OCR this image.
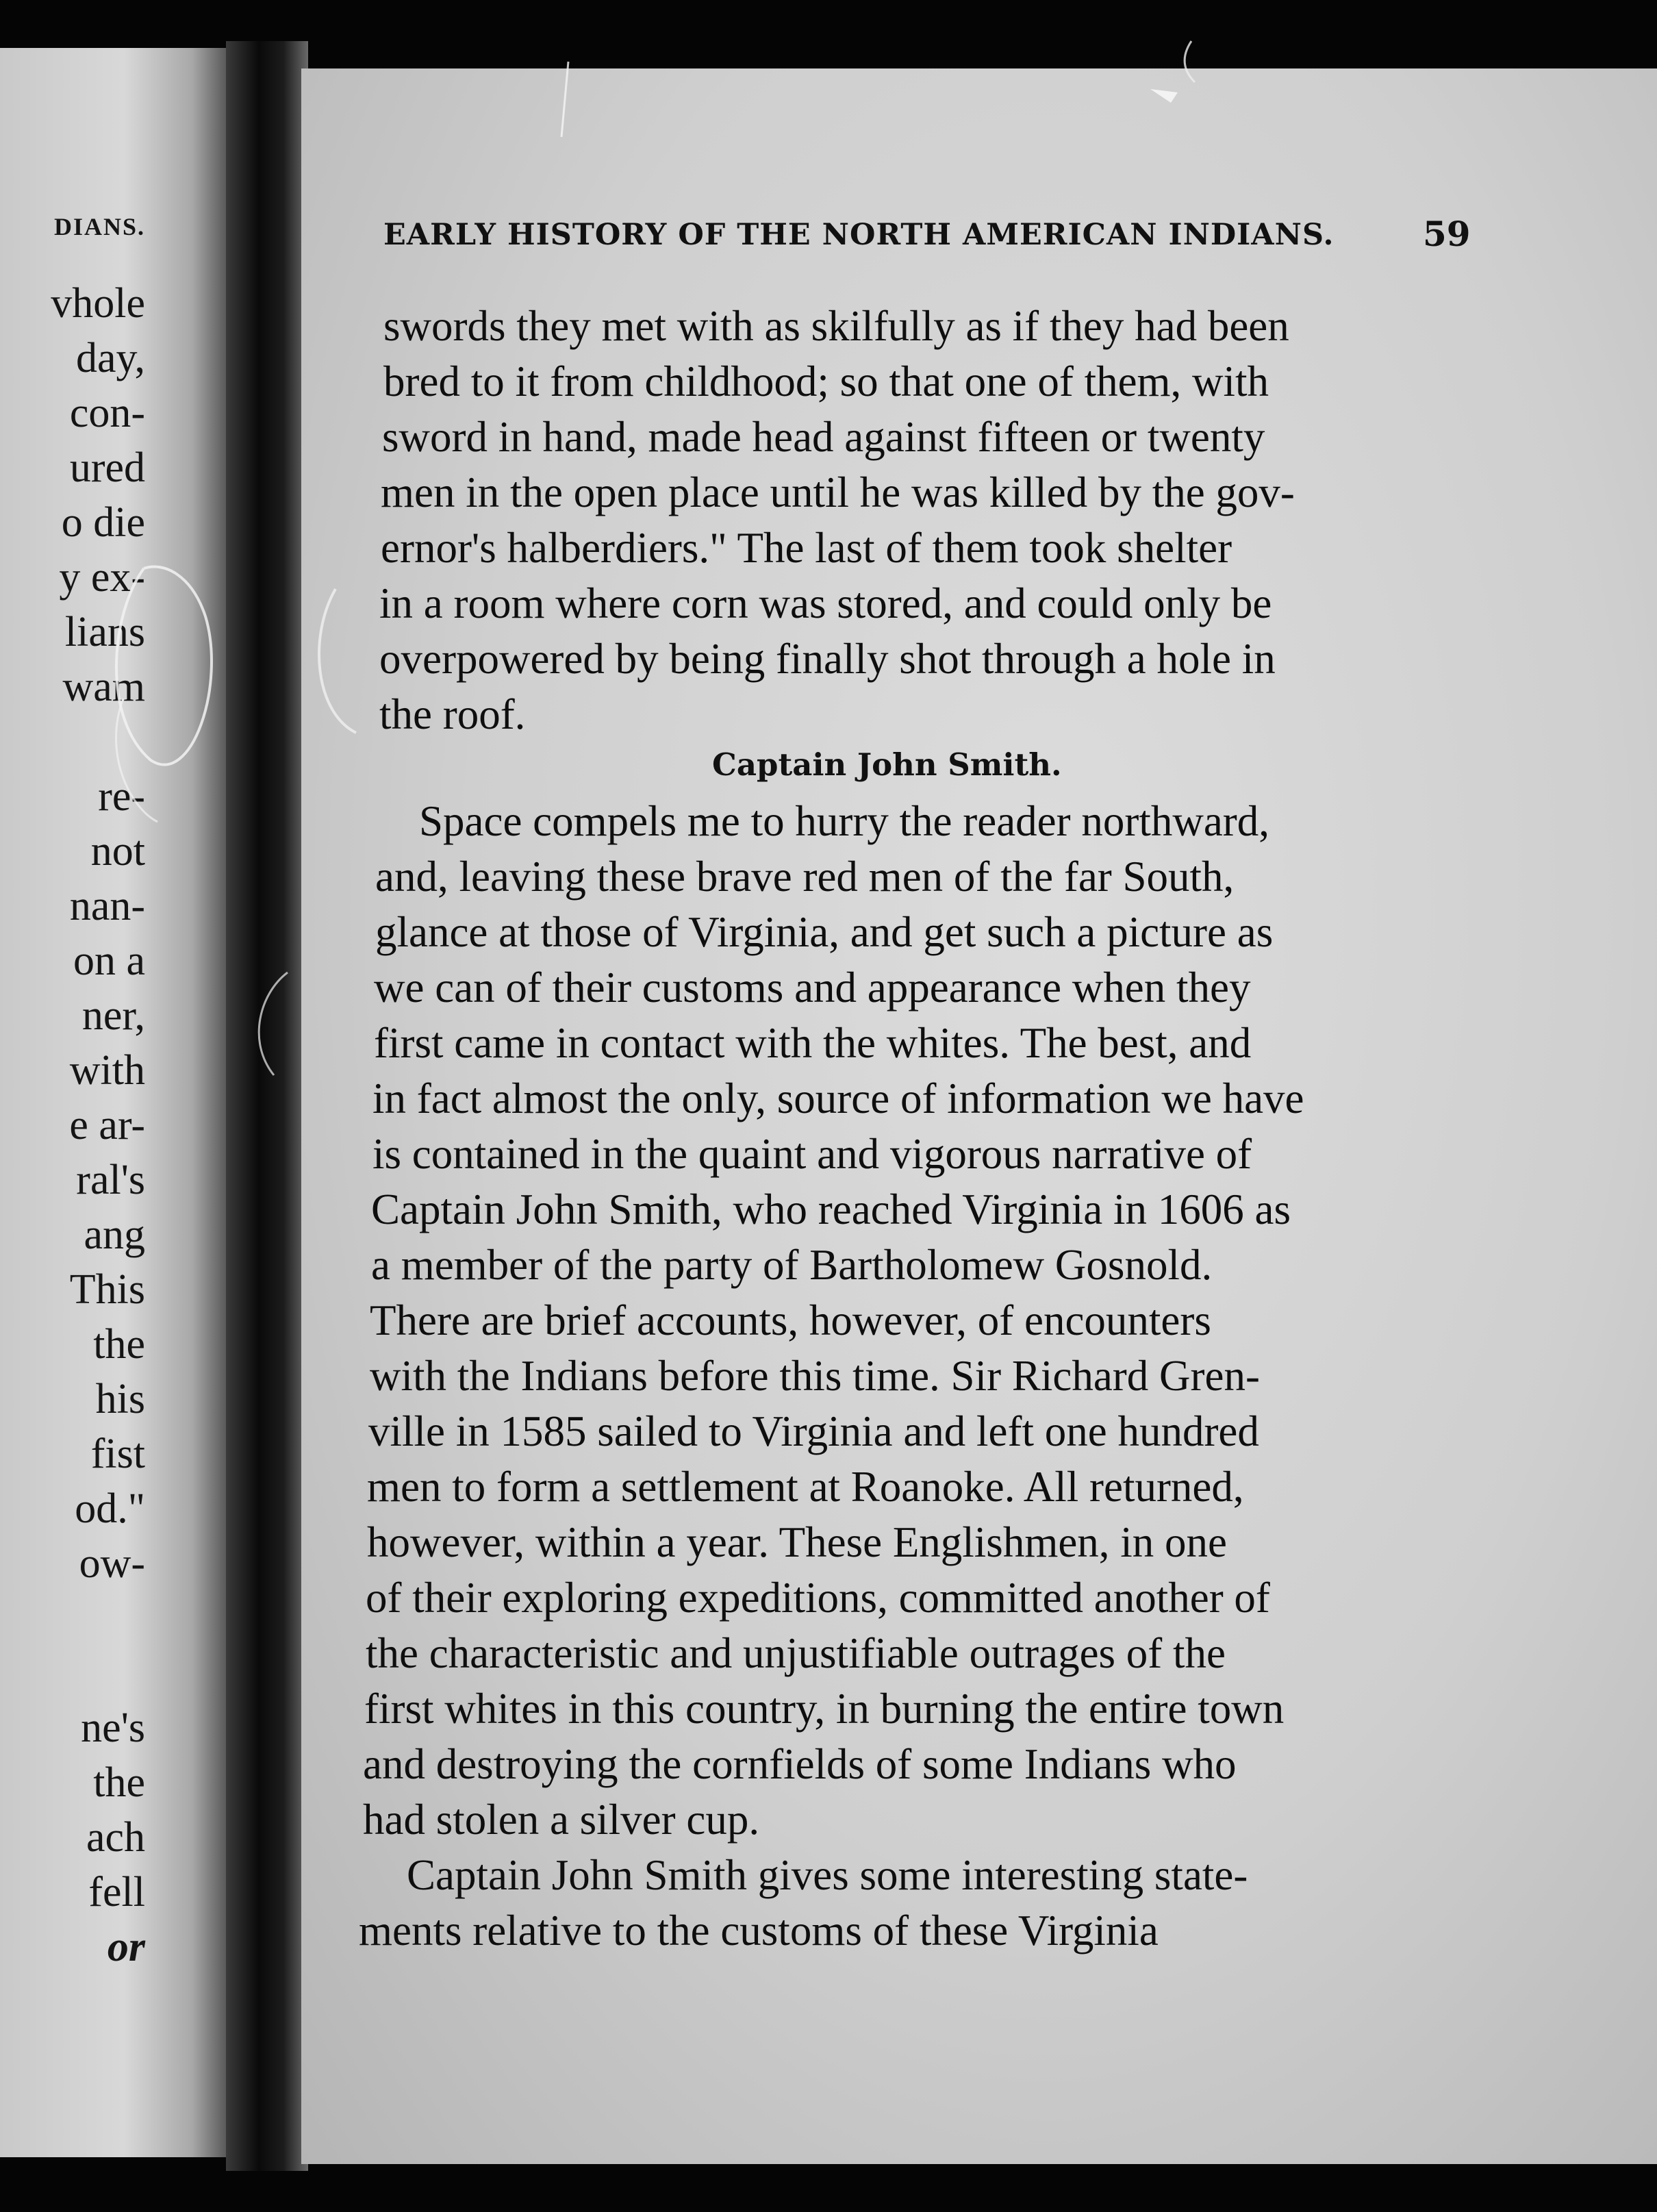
DIANS.

vhole

day,

con-

ured

o die

y ex-

lians

wam

re-

not

nan-

on a

ner,

with

e ar-

ral's

ang

This

the

his

fist

od."

ow-

ne's

the

ach

fell

or

EARLY HISTORY OF THE NORTH AMERICAN INDIANS.	59

swords they met with as skilfully as if they had been

bred to it from childhood; so that one of them, with

sword in hand, made head against fifteen or twenty

men in the open place until he was killed by the gov-

ernor's halberdiers." The last of them took shelter

in a room where corn was stored, and could only be

overpowered by being finally shot through a hole in

the roof.

Captain John Smith.

Space compels me to hurry the reader northward,

and, leaving these brave red men of the far South,

glance at those of Virginia, and get such a picture as

we can of their customs and appearance when they

first came in contact with the whites. The best, and

in fact almost the only, source of information we have

is contained in the quaint and vigorous narrative of

Captain John Smith, who reached Virginia in 1606 as

a member of the party of Bartholomew Gosnold.

There are brief accounts, however, of encounters

with the Indians before this time. Sir Richard Gren-

ville in 1585 sailed to Virginia and left one hundred

men to form a settlement at Roanoke. All returned,

however, within a year. These Englishmen, in one

of their exploring expeditions, committed another of

the characteristic and unjustifiable outrages of the

first whites in this country, in burning the entire town

and destroying the cornfields of some Indians who

had stolen a silver cup.

Captain John Smith gives some interesting state-

ments relative to the customs of these Virginia
